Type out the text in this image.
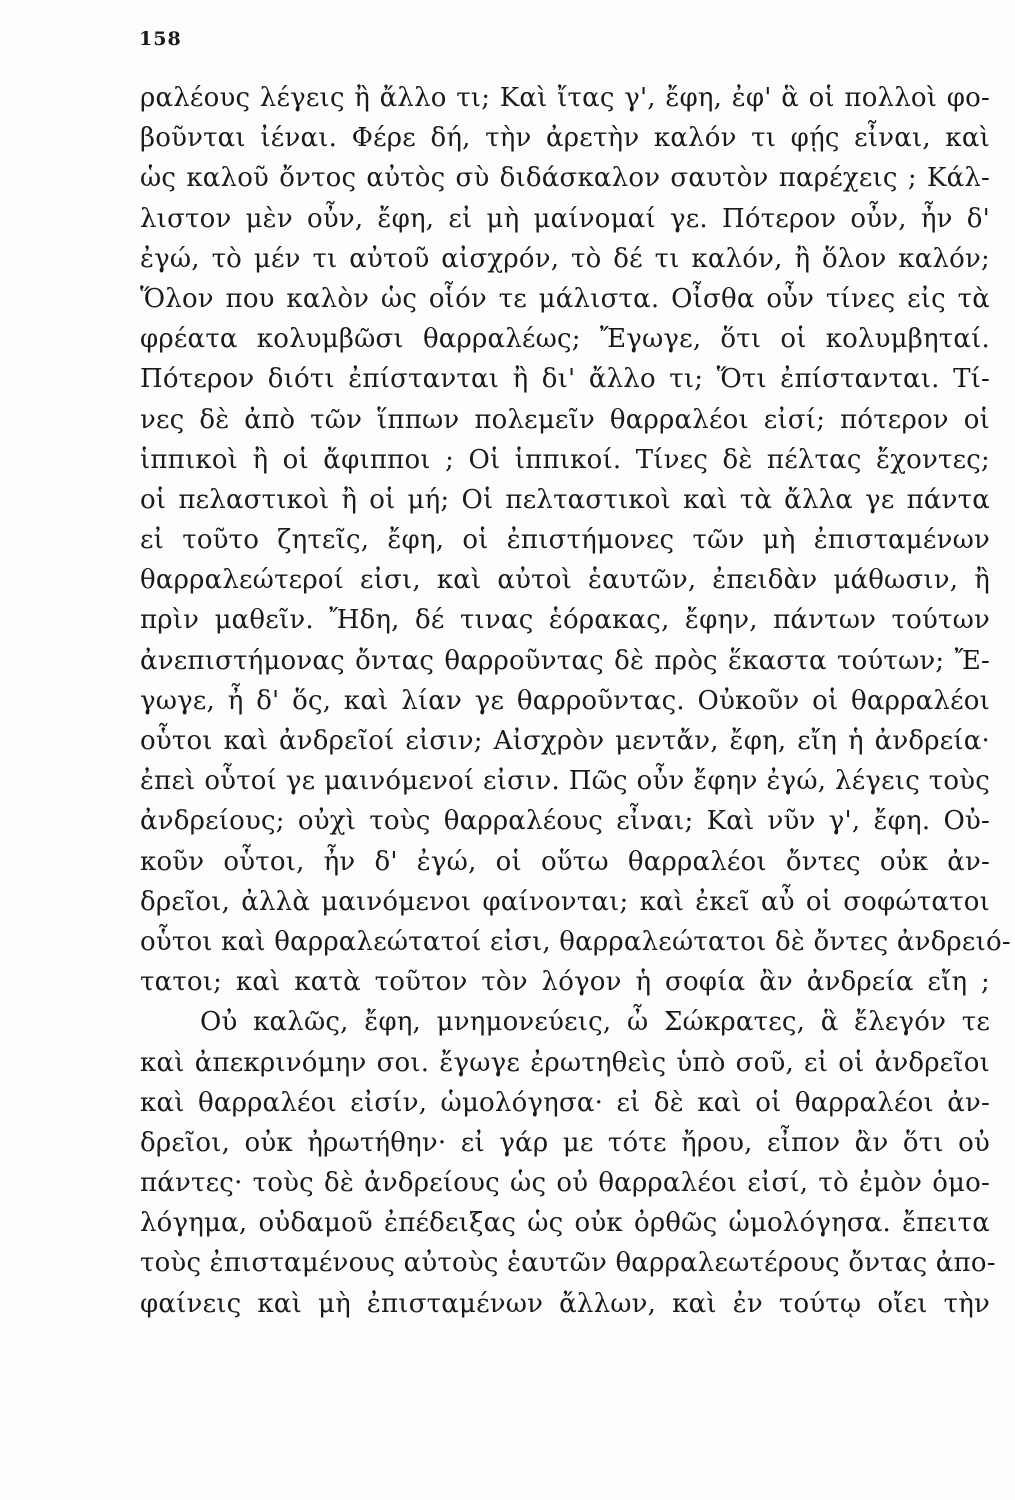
158
ραλέους λέγεις ἢ ἄλλο τι; Καὶ ἴτας γ', ἔφη, ἐφ' ἃ οἱ πολλοὶ φο-
βοῦνται ἰέναι. Φέρε δή, τὴν ἀρετὴν καλόν τι φῄς εἶναι, καὶ
ὡς καλοῦ ὄντος αὐτὸς σὺ διδάσκαλον σαυτὸν παρέχεις ; Κάλ-
λιστον μὲν οὖν, ἔφη, εἰ μὴ μαίνομαί γε. Πότερον οὖν, ἦν δ'
ἐγώ, τὸ μέν τι αὐτοῦ αἰσχρόν, τὸ δέ τι καλόν, ἢ ὅλον καλόν;
Ὅλον που καλὸν ὡς οἷόν τε μάλιστα. Οἶσθα οὖν τίνες εἰς τὰ
φρέατα κολυμβῶσι θαρραλέως; Ἔγωγε, ὅτι οἱ κολυμβηταί.
Πότερον διότι ἐπίστανται ἢ δι' ἄλλο τι; Ὅτι ἐπίστανται. Τί-
νες δὲ ἀπὸ τῶν ἵππων πολεμεῖν θαρραλέοι εἰσί; πότερον οἱ
ἱππικοὶ ἢ οἱ ἄφιπποι ; Οἱ ἱππικοί. Τίνες δὲ πέλτας ἔχοντες;
οἱ πελαστικοὶ ἢ οἱ μή; Οἱ πελταστικοὶ καὶ τὰ ἄλλα γε πάντα
εἰ τοῦτο ζητεῖς, ἔφη, οἱ ἐπιστήμονες τῶν μὴ ἐπισταμένων
θαρραλεώτεροί εἰσι, καὶ αὐτοὶ ἑαυτῶν, ἐπειδὰν μάθωσιν, ἢ
πρὶν μαθεῖν. Ἤδη, δέ τινας ἑόρακας, ἔφην, πάντων τούτων
ἀνεπιστήμονας ὄντας θαρροῦντας δὲ πρὸς ἕκαστα τούτων; Ἔ-
γωγε, ἦ δ' ὅς, καὶ λίαν γε θαρροῦντας. Οὐκοῦν οἱ θαρραλέοι
οὗτοι καὶ ἀνδρεῖοί εἰσιν; Αἰσχρὸν μεντἄν, ἔφη, εἴη ἡ ἀνδρεία·
ἐπεὶ οὗτοί γε μαινόμενοί εἰσιν. Πῶς οὖν ἔφην ἐγώ, λέγεις τοὺς
ἀνδρείους; οὐχὶ τοὺς θαρραλέους εἶναι; Καὶ νῦν γ', ἔφη. Οὐ-
κοῦν οὗτοι, ἦν δ' ἐγώ, οἱ οὕτω θαρραλέοι ὄντες οὐκ ἀν-
δρεῖοι, ἀλλὰ μαινόμενοι φαίνονται; καὶ ἐκεῖ αὖ οἱ σοφώτατοι
οὗτοι καὶ θαρραλεώτατοί εἰσι, θαρραλεώτατοι δὲ ὄντες ἀνδρειό-
τατοι; καὶ κατὰ τοῦτον τὸν λόγον ἡ σοφία ἂν ἀνδρεία εἴη ;
Οὐ καλῶς, ἔφη, μνημονεύεις, ὦ Σώκρατες, ἃ ἔλεγόν τε
καὶ ἀπεκρινόμην σοι. ἔγωγε ἐρωτηθεὶς ὑπὸ σοῦ, εἰ οἱ ἀνδρεῖοι
καὶ θαρραλέοι εἰσίν, ὡμολόγησα· εἰ δὲ καὶ οἱ θαρραλέοι ἀν-
δρεῖοι, οὐκ ἠρωτήθην· εἰ γάρ με τότε ἤρου, εἶπον ἂν ὅτι οὐ
πάντες· τοὺς δὲ ἀνδρείους ὡς οὐ θαρραλέοι εἰσί, τὸ ἐμὸν ὁμο-
λόγημα, οὐδαμοῦ ἐπέδειξας ὡς οὐκ ὀρθῶς ὡμολόγησα. ἔπειτα
τοὺς ἐπισταμένους αὐτοὺς ἑαυτῶν θαρραλεωτέρους ὄντας ἀπο-
φαίνεις καὶ μὴ ἐπισταμένων ἄλλων, καὶ ἐν τούτῳ οἴει τὴν
